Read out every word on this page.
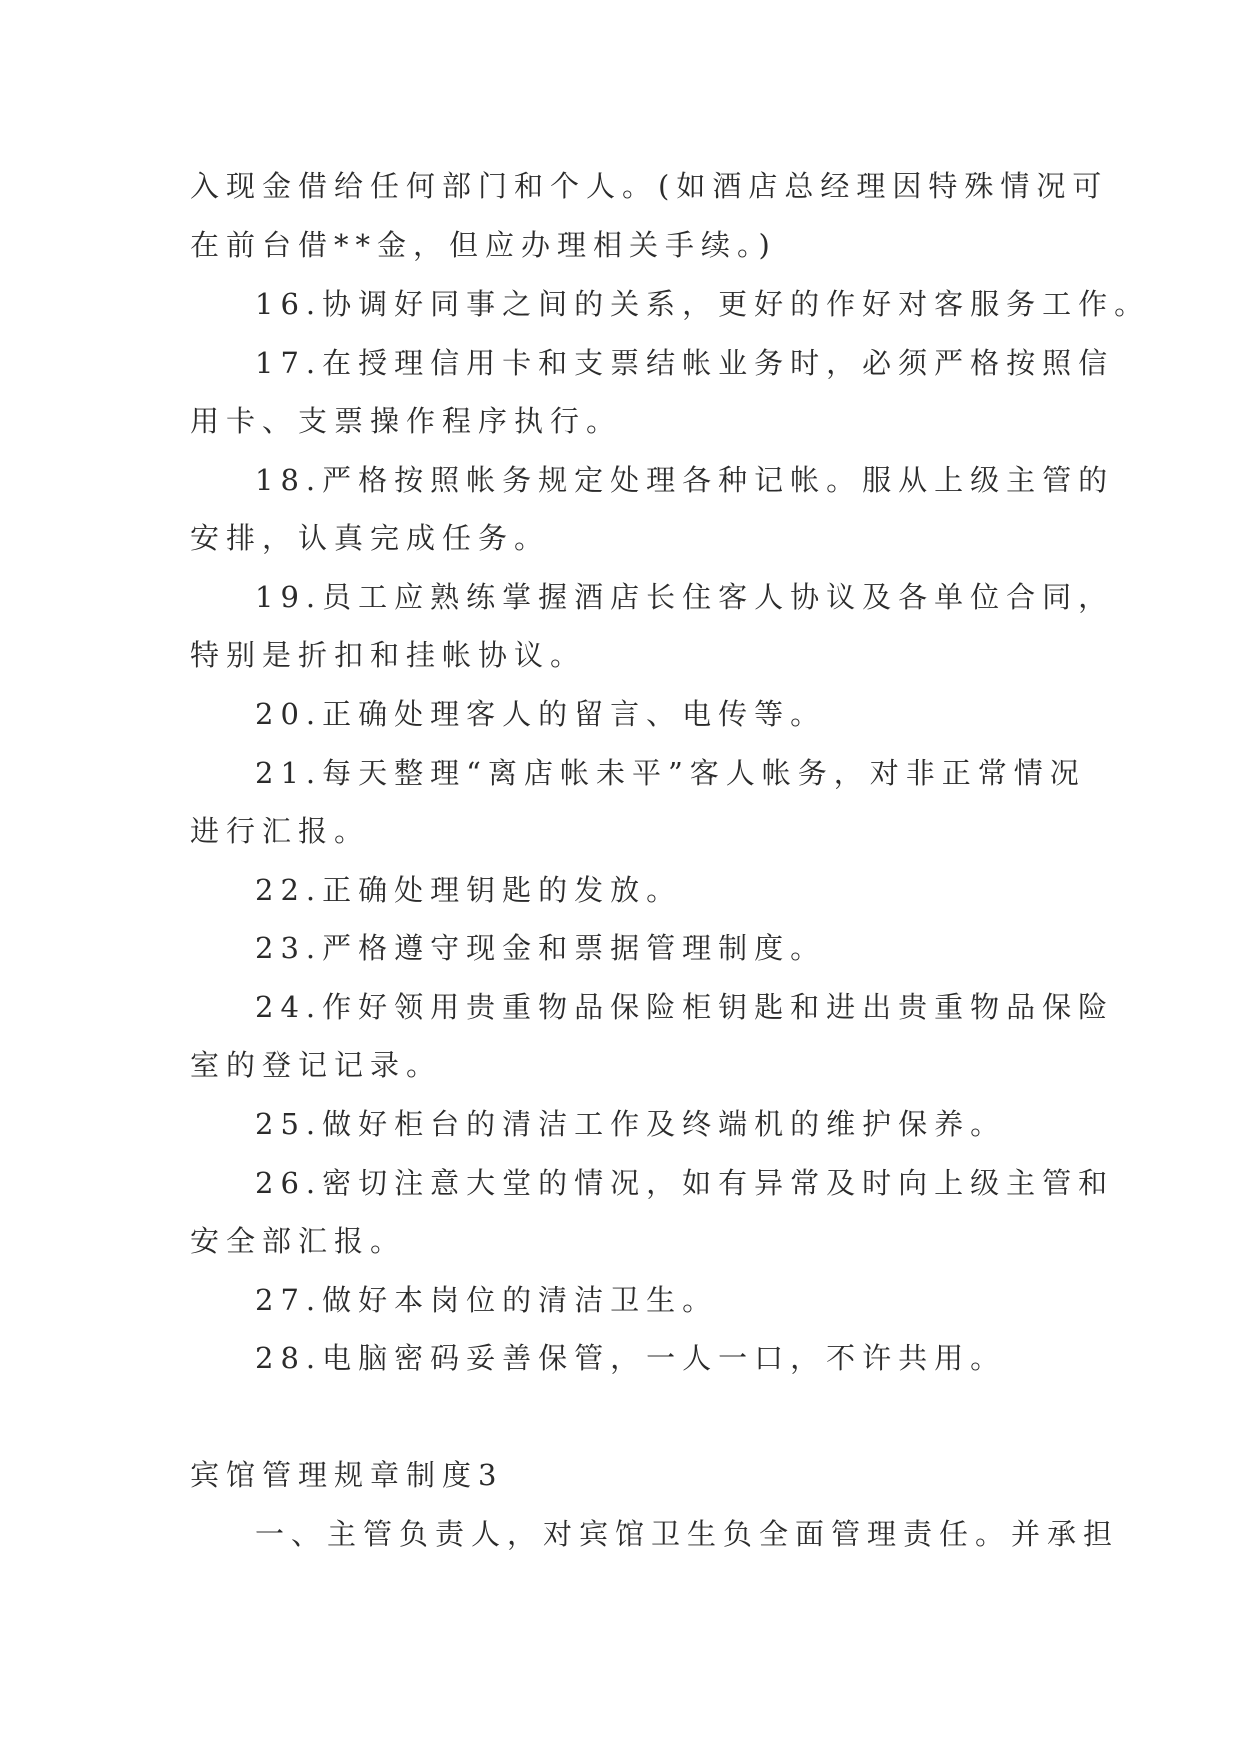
入现金借给任何部门和个人。(如酒店总经理因特殊情况可
在前台借**金，但应办理相关手续。)
16.协调好同事之间的关系，更好的作好对客服务工作。
17.在授理信用卡和支票结帐业务时，必须严格按照信
用卡、支票操作程序执行。
18.严格按照帐务规定处理各种记帐。服从上级主管的
安排，认真完成任务。
19.员工应熟练掌握酒店长住客人协议及各单位合同，
特别是折扣和挂帐协议。
20.正确处理客人的留言、电传等。
21.每天整理“离店帐未平”客人帐务，对非正常情况
进行汇报。
22.正确处理钥匙的发放。
23.严格遵守现金和票据管理制度。
24.作好领用贵重物品保险柜钥匙和进出贵重物品保险
室的登记记录。
25.做好柜台的清洁工作及终端机的维护保养。
26.密切注意大堂的情况，如有异常及时向上级主管和
安全部汇报。
27.做好本岗位的清洁卫生。
28.电脑密码妥善保管，一人一口，不许共用。
宾馆管理规章制度3
一、主管负责人，对宾馆卫生负全面管理责任。并承担
